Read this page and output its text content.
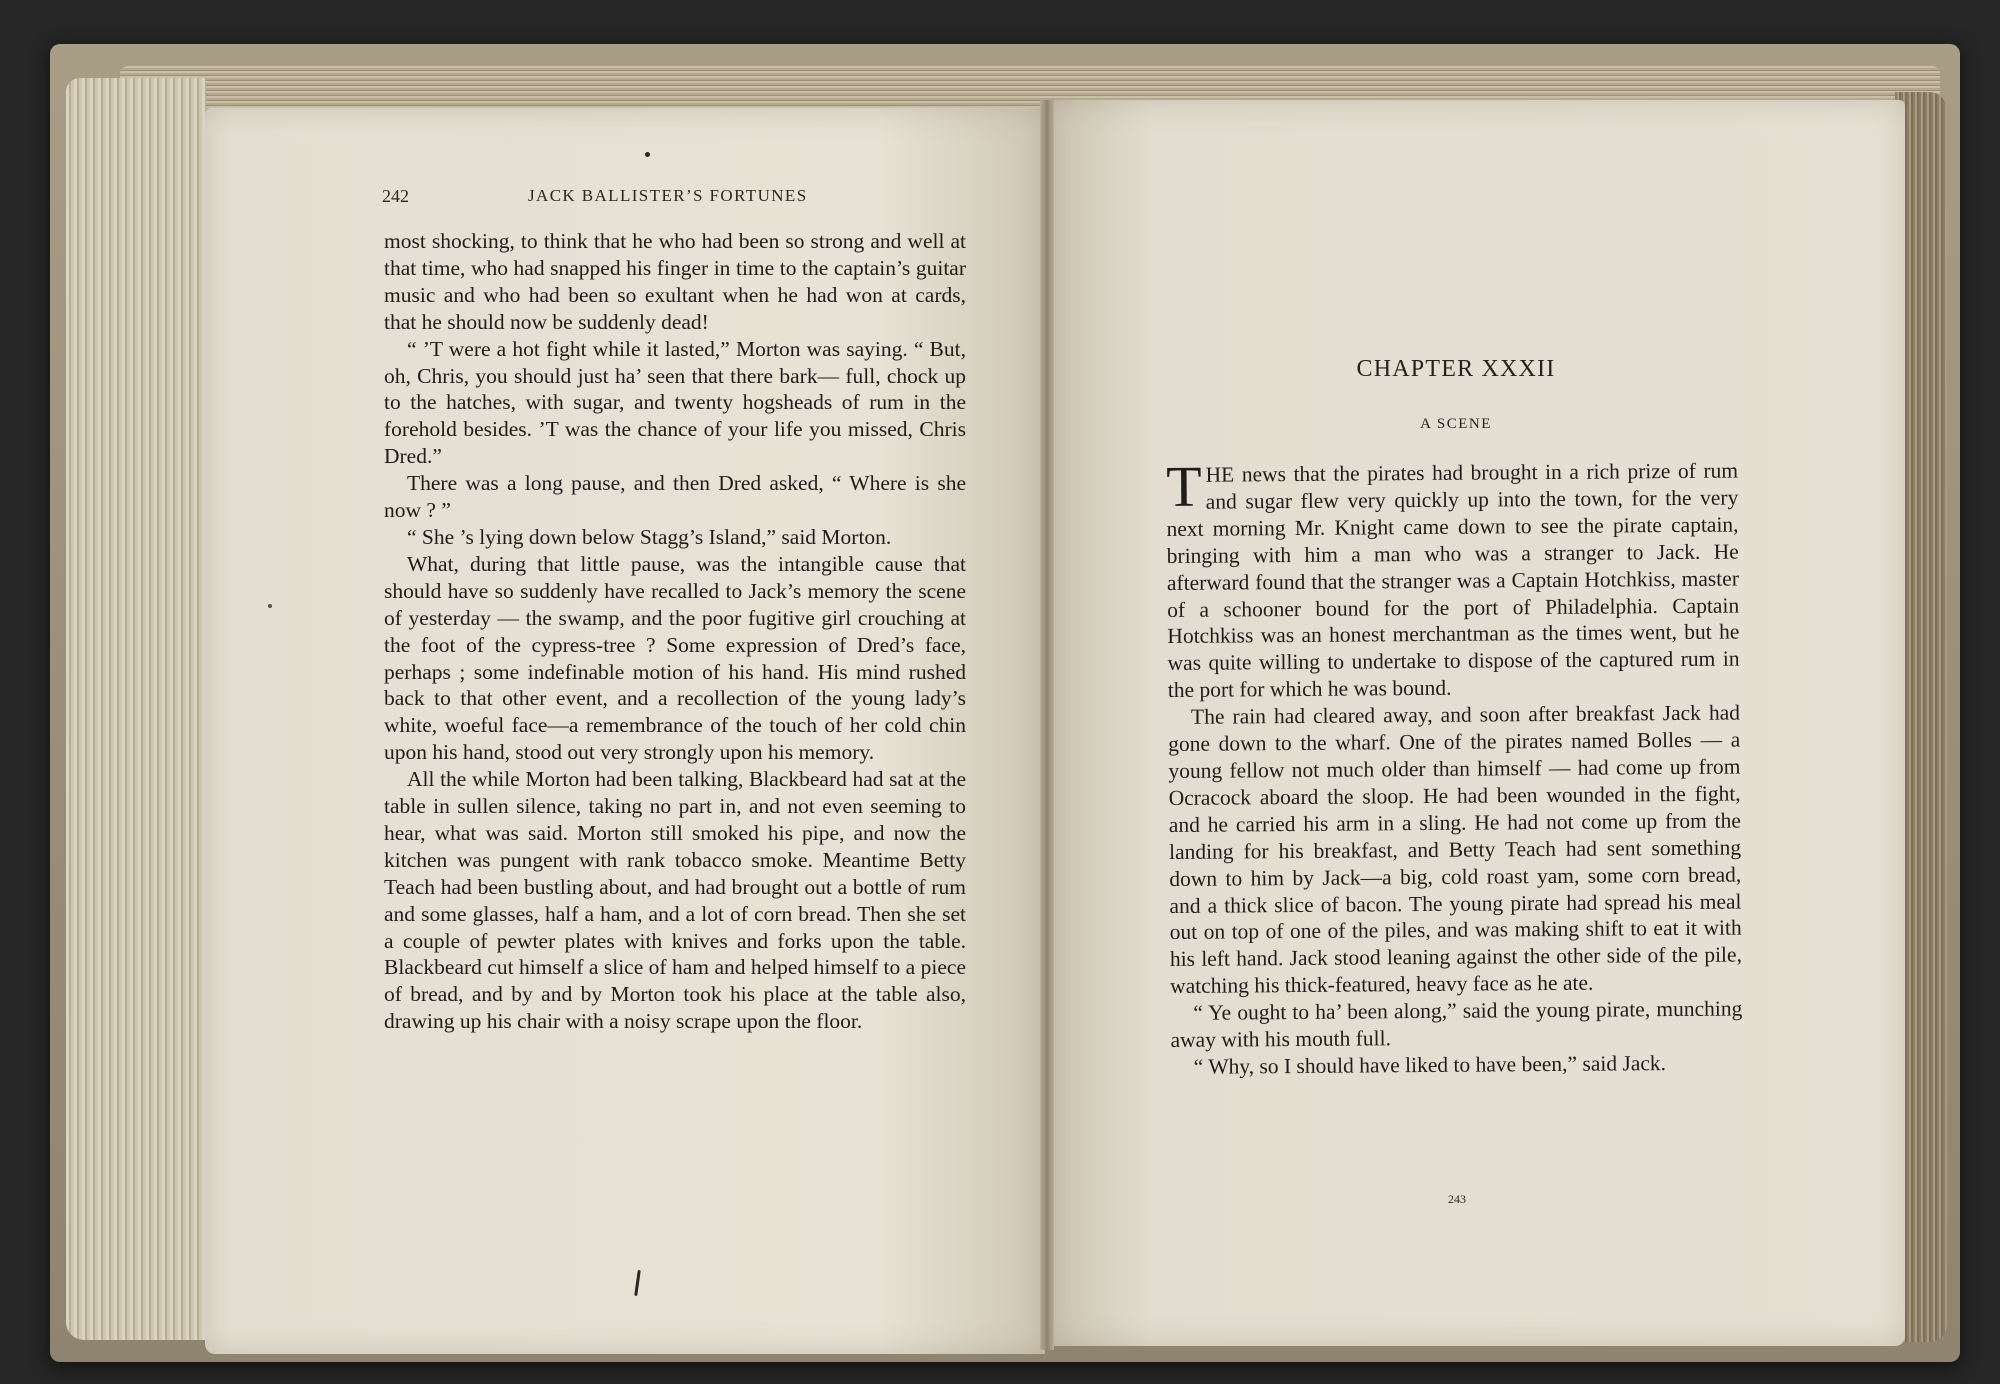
242	JACK BALLISTER’S FORTUNES

most shocking, to think that he who had been so strong and well at that time, who had snapped his finger in time to the captain’s guitar music and who had been so exultant when he had won at cards, that he should now be suddenly dead!

“ ’T were a hot fight while it lasted,” Morton was saying. “ But, oh, Chris, you should just ha’ seen that there bark— full, chock up to the hatches, with sugar, and twenty hogsheads of rum in the forehold besides. ’T was the chance of your life you missed, Chris Dred.”

There was a long pause, and then Dred asked, “ Where is she now ? ”

“ She ’s lying down below Stagg’s Island,” said Morton.

What, during that little pause, was the intangible cause that should have so suddenly have recalled to Jack’s memory the scene of yesterday — the swamp, and the poor fugitive girl crouching at the foot of the cypress-tree ? Some expression of Dred’s face, perhaps ; some indefinable motion of his hand. His mind rushed back to that other event, and a recollection of the young lady’s white, woeful face—a remembrance of the touch of her cold chin upon his hand, stood out very strongly upon his memory.

All the while Morton had been talking, Blackbeard had sat at the table in sullen silence, taking no part in, and not even seeming to hear, what was said. Morton still smoked his pipe, and now the kitchen was pungent with rank tobacco smoke. Meantime Betty Teach had been bustling about, and had brought out a bottle of rum and some glasses, half a ham, and a lot of corn bread. Then she set a couple of pewter plates with knives and forks upon the table. Blackbeard cut himself a slice of ham and helped himself to a piece of bread, and by and by Morton took his place at the table also, drawing up his chair with a noisy scrape upon the floor.

CHAPTER XXXII
A SCENE

THE news that the pirates had brought in a rich prize of rum and sugar flew very quickly up into the town, for the very next morning Mr. Knight came down to see the pirate captain, bringing with him a man who was a stranger to Jack. He afterward found that the stranger was a Captain Hotchkiss, master of a schooner bound for the port of Philadelphia. Captain Hotchkiss was an honest merchantman as the times went, but he was quite willing to undertake to dispose of the captured rum in the port for which he was bound.

The rain had cleared away, and soon after breakfast Jack had gone down to the wharf. One of the pirates named Bolles — a young fellow not much older than himself — had come up from Ocracock aboard the sloop. He had been wounded in the fight, and he carried his arm in a sling. He had not come up from the landing for his breakfast, and Betty Teach had sent something down to him by Jack—a big, cold roast yam, some corn bread, and a thick slice of bacon. The young pirate had spread his meal out on top of one of the piles, and was making shift to eat it with his left hand. Jack stood leaning against the other side of the pile, watching his thick-featured, heavy face as he ate.

“ Ye ought to ha’ been along,” said the young pirate, munching away with his mouth full.

“ Why, so I should have liked to have been,” said Jack.

243
